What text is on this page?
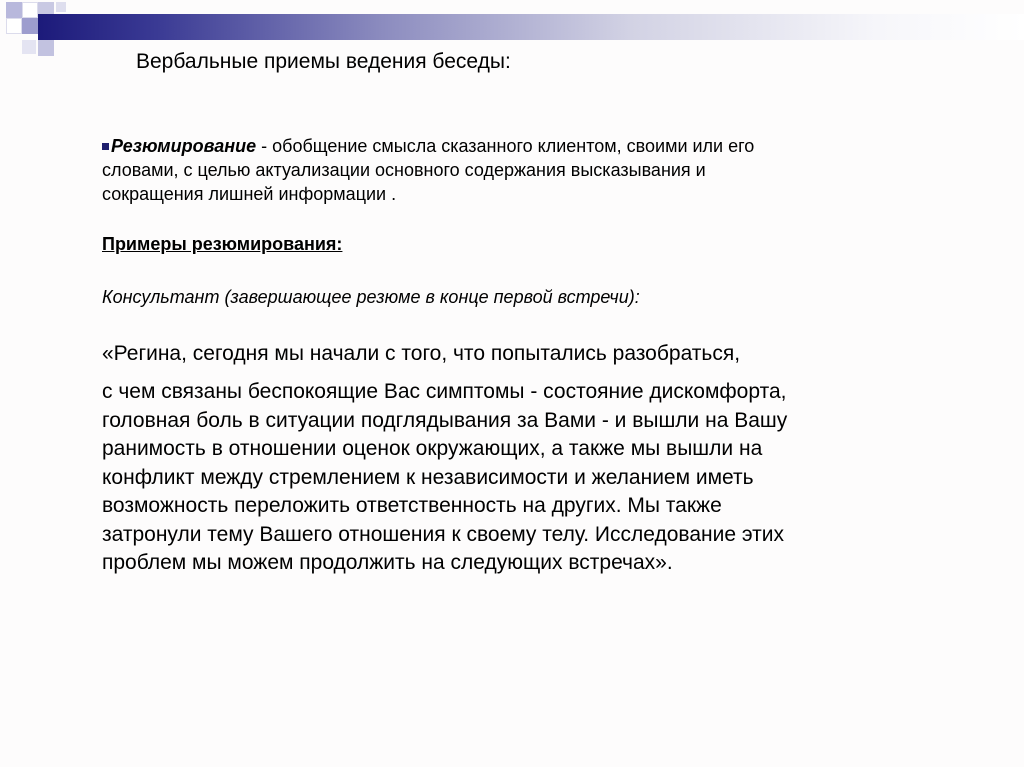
Вербальные приемы ведения беседы:
Резюмирование - обобщение смысла сказанного клиентом, своими или его
словами, с целью актуализации основного содержания высказывания и
сокращения лишней информации .
Примеры резюмирования:
Консультант (завершающее резюме в конце первой встречи):
«Регина, сегодня мы начали с того, что попытались разобраться,
с чем связаны беспокоящие Вас симптомы - состояние дискомфорта,
головная боль в ситуации подглядывания за Вами - и вышли на Вашу
ранимость в отношении оценок окружающих, а также мы вышли на
конфликт между стремлением к независимости и желанием иметь
возможность переложить ответственность на других. Мы также
затронули тему Вашего отношения к своему телу. Исследование этих
проблем мы можем продолжить на следующих встречах».
